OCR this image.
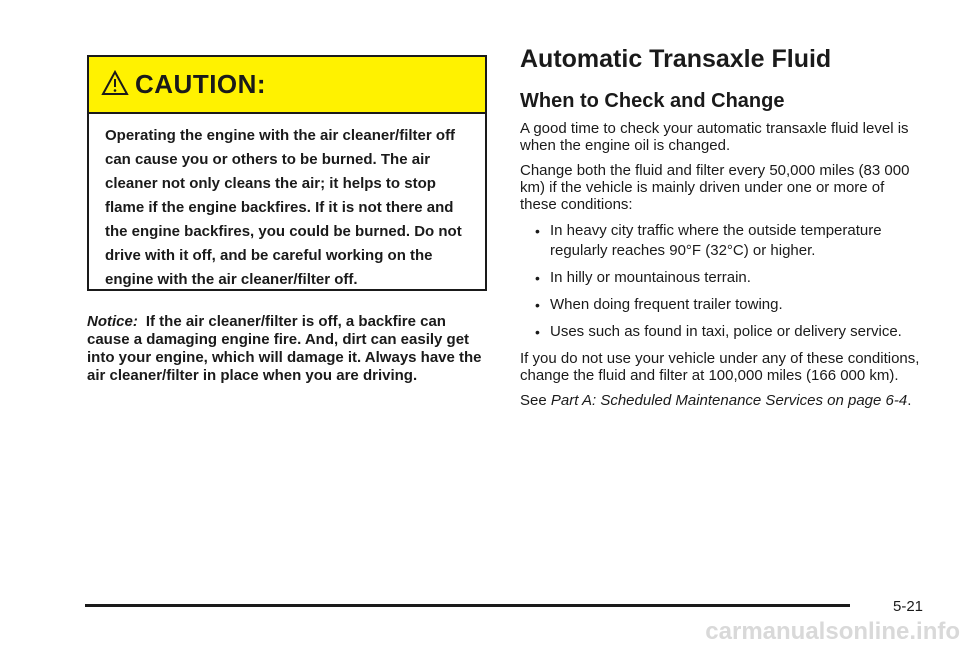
CAUTION:
Operating the engine with the air cleaner/filter off can cause you or others to be burned. The air cleaner not only cleans the air; it helps to stop flame if the engine backfires. If it is not there and the engine backfires, you could be burned. Do not drive with it off, and be careful working on the engine with the air cleaner/filter off.
Notice: If the air cleaner/filter is off, a backfire can cause a damaging engine fire. And, dirt can easily get into your engine, which will damage it. Always have the air cleaner/filter in place when you are driving.
Automatic Transaxle Fluid
When to Check and Change

A good time to check your automatic transaxle fluid level is when the engine oil is changed.

Change both the fluid and filter every 50,000 miles (83 000 km) if the vehicle is mainly driven under one or more of these conditions:

• In heavy city traffic where the outside temperature regularly reaches 90°F (32°C) or higher.
• In hilly or mountainous terrain.
• When doing frequent trailer towing.
• Uses such as found in taxi, police or delivery service.

If you do not use your vehicle under any of these conditions, change the fluid and filter at 100,000 miles (166 000 km).

See Part A: Scheduled Maintenance Services on page 6-4.

5-21
carmanualsonline.info
